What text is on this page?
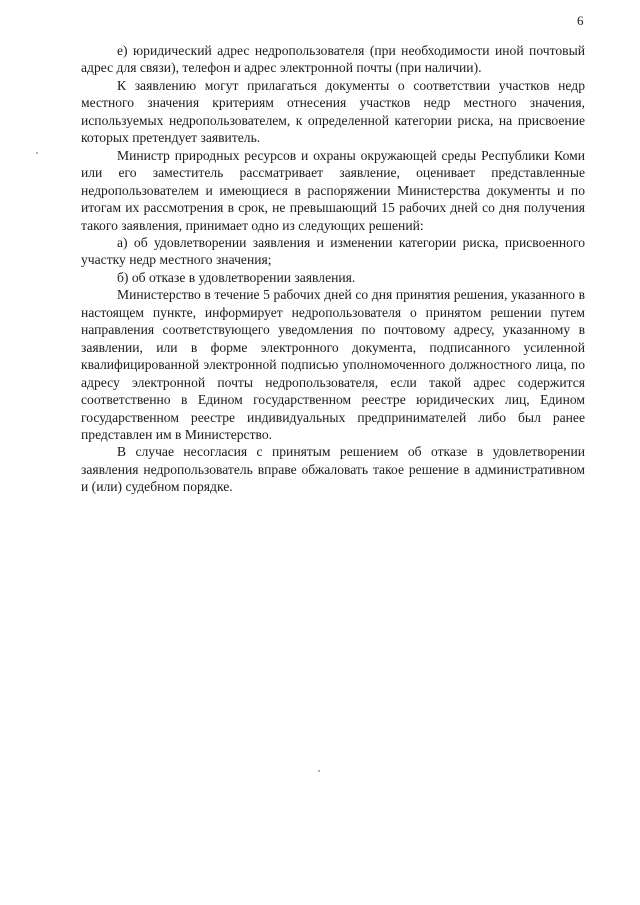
6

е) юридический адрес недропользователя (при необходимости иной почтовый адрес для связи), телефон и адрес электронной почты (при наличии).

К заявлению могут прилагаться документы о соответствии участков недр местного значения критериям отнесения участков недр местного значения, используемых недропользователем, к определенной категории риска, на присвоение которых претендует заявитель.

Министр природных ресурсов и охраны окружающей среды Республики Коми или его заместитель рассматривает заявление, оценивает представленные недропользователем и имеющиеся в распоряжении Министерства документы и по итогам их рассмотрения в срок, не превышающий 15 рабочих дней со дня получения такого заявления, принимает одно из следующих решений:

а) об удовлетворении заявления и изменении категории риска, присвоенного участку недр местного значения;

б) об отказе в удовлетворении заявления.

Министерство в течение 5 рабочих дней со дня принятия решения, указанного в настоящем пункте, информирует недропользователя о принятом решении путем направления соответствующего уведомления по почтовому адресу, указанному в заявлении, или в форме электронного документа, подписанного усиленной квалифицированной электронной подписью уполномоченного должностного лица, по адресу электронной почты недропользователя, если такой адрес содержится соответственно в Едином государственном реестре юридических лиц, Едином государственном реестре индивидуальных предпринимателей либо был ранее представлен им в Министерство.

В случае несогласия с принятым решением об отказе в удовлетворении заявления недропользователь вправе обжаловать такое решение в административном и (или) судебном порядке.
